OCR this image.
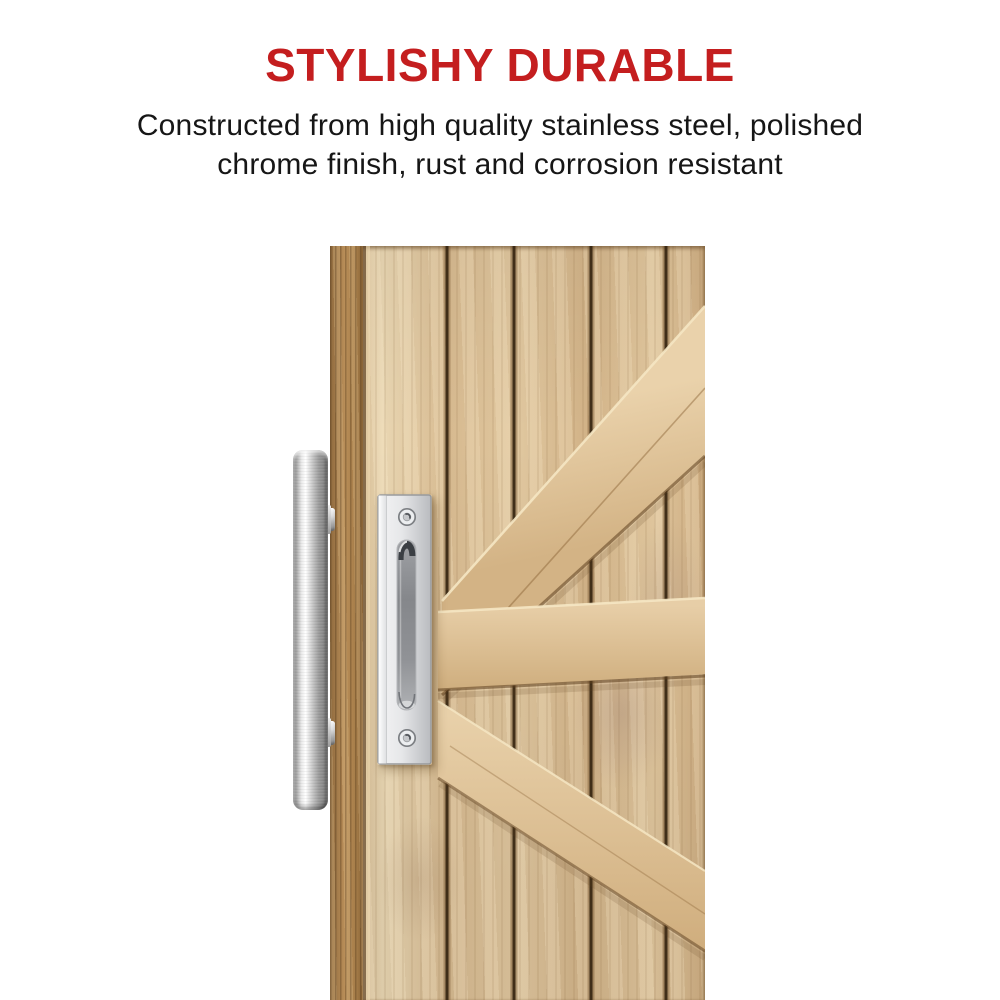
STYLISHY DURABLE
Constructed from high quality stainless steel, polished
chrome finish, rust and corrosion resistant
